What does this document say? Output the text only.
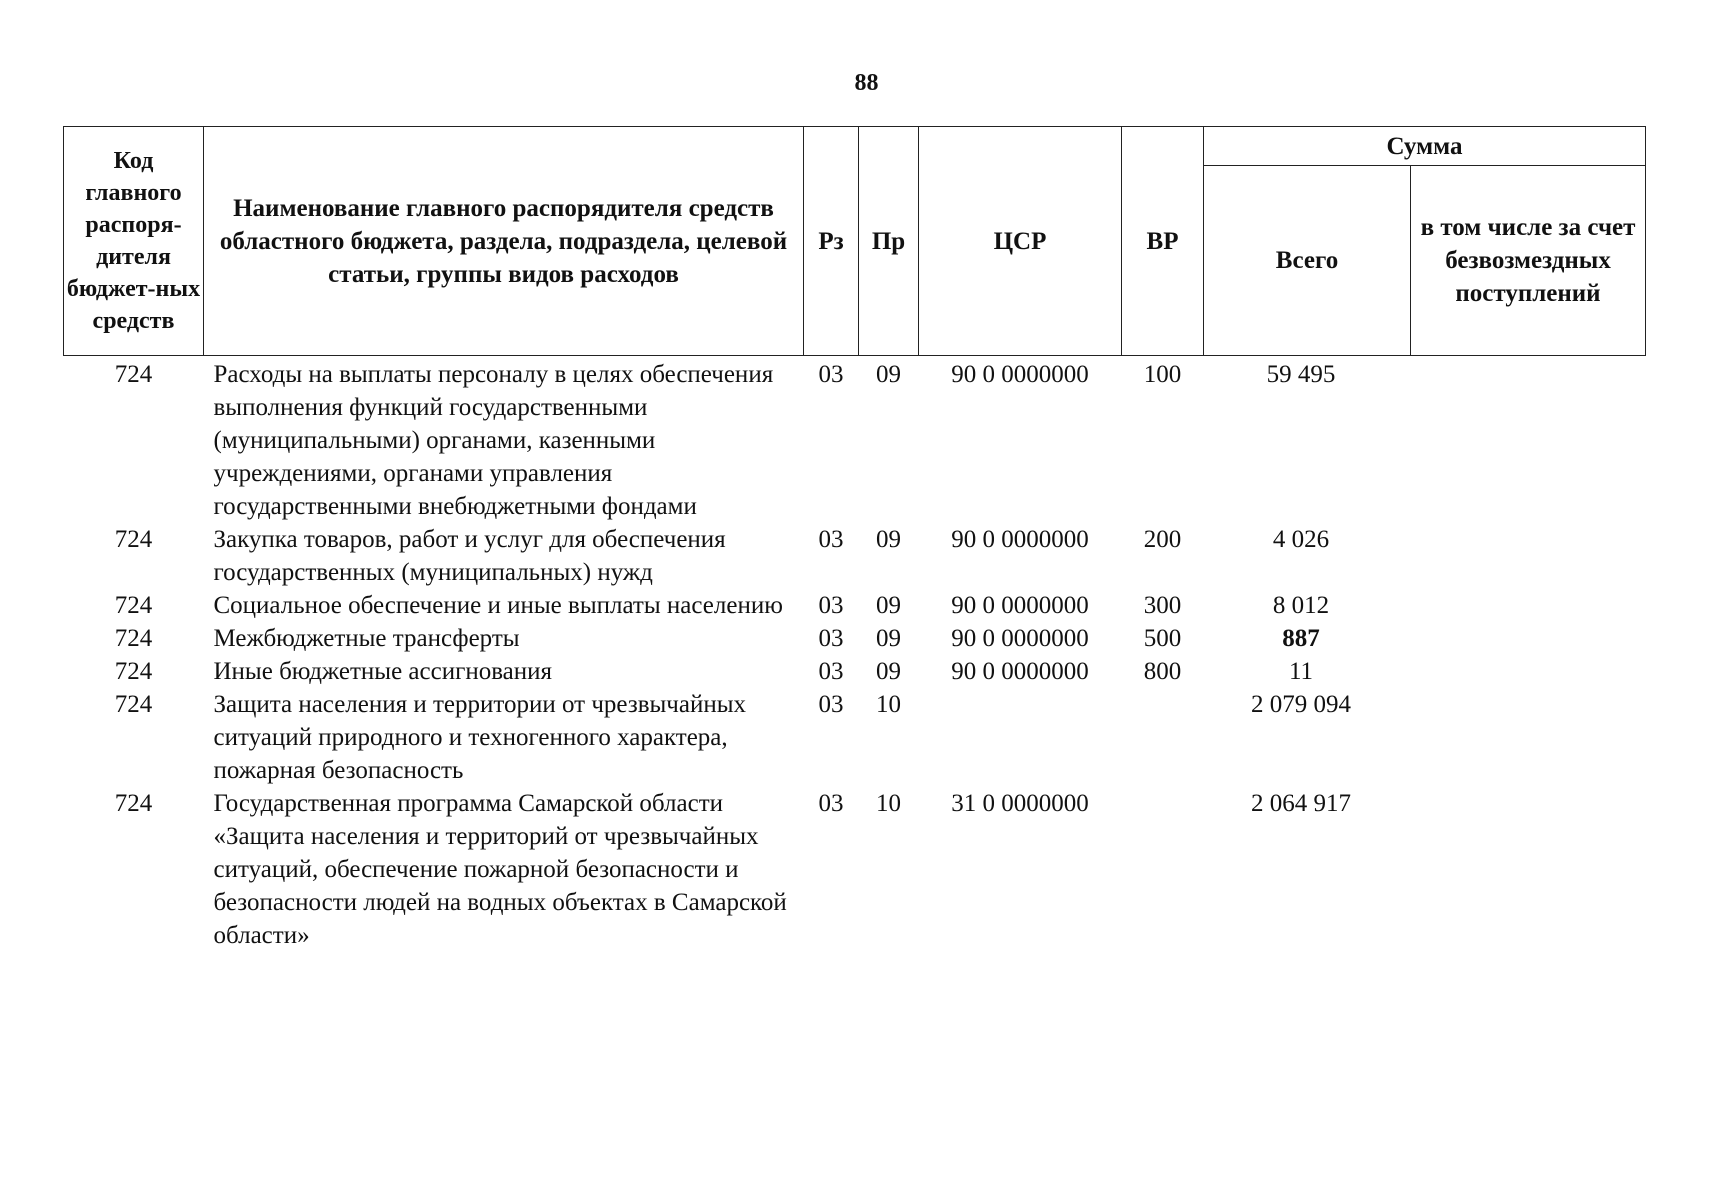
88
Код главного распоря-дителя бюджет-ных средств	Наименование главного распорядителя средств областного бюджета, раздела, подраздела, целевой статьи, группы видов расходов	Рз	Пр	ЦСР	ВР	Сумма	
						Всего	в том числе за счет безвозмездных поступлений
724	Расходы на выплаты персоналу в целях обеспечения выполнения функций государственными (муниципальными) органами, казенными учреждениями, органами управления государственными внебюджетными фондами	03	09	90 0 0000000	100	59 495	
724	Закупка товаров, работ и услуг для обеспечения государственных (муниципальных) нужд	03	09	90 0 0000000	200	4 026	
724	Социальное обеспечение и иные выплаты населению	03	09	90 0 0000000	300	8 012	
724	Межбюджетные трансферты	03	09	90 0 0000000	500	887	
724	Иные бюджетные ассигнования	03	09	90 0 0000000	800	11	
724	Защита населения и территории от чрезвычайных ситуаций природного и техногенного характера, пожарная безопасность	03	10			2 079 094	
724	Государственная программа Самарской области «Защита населения и территорий от чрезвычайных ситуаций, обеспечение пожарной безопасности и безопасности людей на водных объектах в Самарской области»	03	10	31 0 0000000		2 064 917	
